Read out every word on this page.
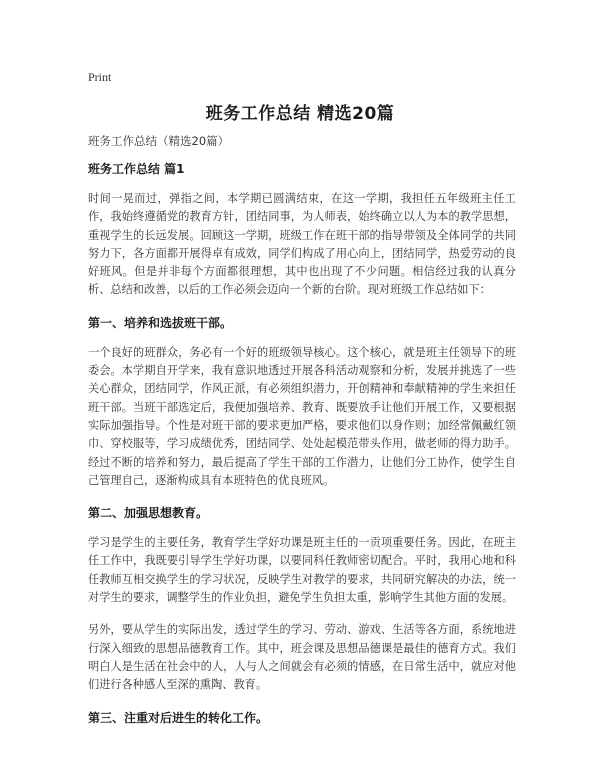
Print
班务工作总结 精选20篇
班务工作总结（精选20篇）
班务工作总结 篇1
时间一晃而过，弹指之间，本学期已圆满结束，在这一学期，我担任五年级班主任工作，我始终遵循党的教育方针，团结同事，为人师表，始终确立以人为本的教学思想，重视学生的长远发展。回顾这一学期，班级工作在班干部的指导带领及全体同学的共同努力下，各方面都开展得卓有成效，同学们构成了用心向上，团结同学，热爱劳动的良好班风。但是并非每个方面都很理想，其中也出现了不少问题。相信经过我的认真分析、总结和改善，以后的工作必须会迈向一个新的台阶。现对班级工作总结如下：
第一、培养和选拔班干部。
一个良好的班群众，务必有一个好的班级领导核心。这个核心，就是班主任领导下的班委会。本学期自开学来，我有意识地透过开展各科活动观察和分析，发展并挑选了一些关心群众，团结同学，作风正派，有必须组织潜力，开创精神和奉献精神的学生来担任班干部。当班干部选定后，我便加强培养、教育、既要放手让他们开展工作，又要根据实际加强指导。个性是对班干部的要求更加严格，要求他们以身作则；加经常佩戴红领巾、穿校服等，学习成绩优秀，团结同学、处处起模范带头作用，做老师的得力助手。经过不断的培养和努力，最后提高了学生干部的工作潜力，让他们分工协作，使学生自己管理自己，逐渐构成具有本班特色的优良班风。
第二、加强思想教育。
学习是学生的主要任务，教育学生学好功课是班主任的一贡项重要任务。因此，在班主任工作中，我既要引导学生学好功课，以要同科任教师密切配合。平时，我用心地和科任教师互相交换学生的学习状况，反映学生对教学的要求，共同研究解决的办法，统一对学生的要求，调整学生的作业负担，避免学生负担太重，影响学生其他方面的发展。
另外，要从学生的实际出发，透过学生的学习、劳动、游戏、生活等各方面，系统地进行深入细致的思想品德教育工作。其中，班会课及思想品德课是最佳的德育方式。我们明白人是生活在社会中的人，人与人之间就会有必须的情感，在日常生活中，就应对他们进行各种感人至深的熏陶、教育。
第三、注重对后进生的转化工作。
